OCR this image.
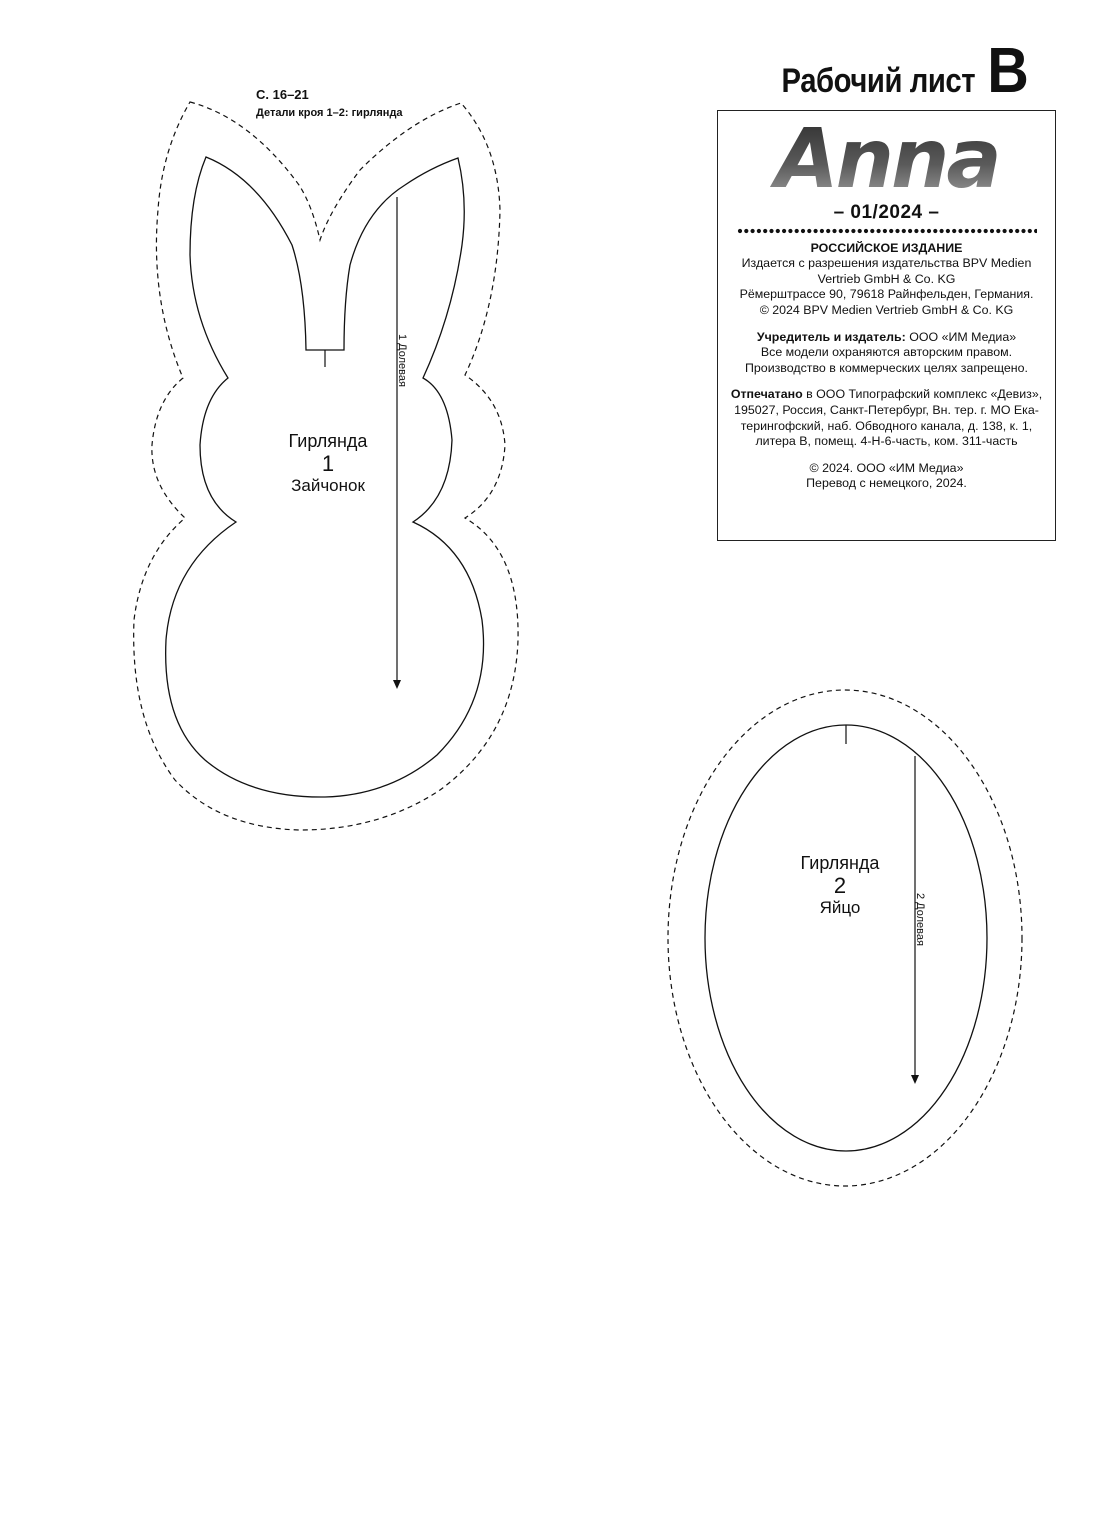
1 Долевая
2 Долевая
С. 16–21
Детали кроя 1–2: гирлянда
Рабочий лист B
Anna
– 01/2024 –
РОССИЙСКОЕ ИЗДАНИЕ
Издается с разрешения издательства BPV Medien
Vertrieb GmbH & Co. KG
Рёмерштрассе 90, 79618 Райнфельден, Германия.
© 2024 BPV Medien Vertrieb GmbH & Co. KG
Учредитель и издатель: ООО «ИМ Медиа»
Все модели охраняются авторским правом.
Производство в коммерческих целях запрещено.
Отпечатано в ООО Типографский комплекс «Девиз»,
195027, Россия, Санкт-Петербург, Вн. тер. г. МО Ека-
терингофский, наб. Обводного канала, д. 138, к. 1,
литера В, помещ. 4-Н-6-часть, ком. 311-часть
© 2024. ООО «ИМ Медиа»
Перевод с немецкого, 2024.
Гирлянда
1
Зайчонок
Гирлянда
2
Яйцо
